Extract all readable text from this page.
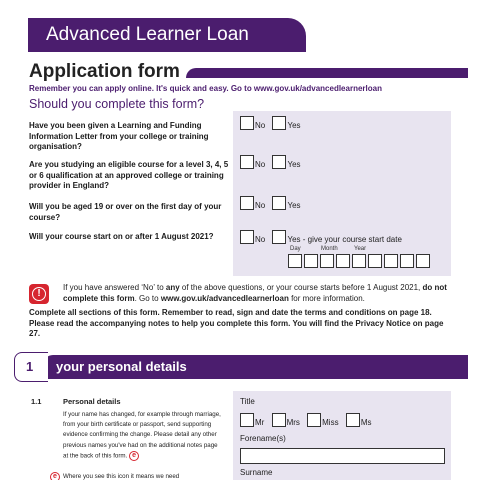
Advanced Learner Loan
Application form
Remember you can apply online. It's quick and easy. Go to www.gov.uk/advancedlearnerloan
Should you complete this form?
Have you been given a Learning and Funding Information Letter from your college or training organisation?
No	Yes
Are you studying an eligible course for a level 3, 4, 5 or 6 qualification at an approved college or training provider in England?
No	Yes
Will you be aged 19 or over on the first day of your course?
No	Yes
Will your course start on or after 1 August 2021?	No	Yes - give your course start date
Day	Month	Year
!
If you have answered ‘No’ to any of the above questions, or your course starts before 1 August 2021, do not complete this form. Go to www.gov.uk/advancedlearnerloan for more information.
Complete all sections of this form. Remember to read, sign and date the terms and conditions on page 18. Please read the accompanying notes to help you complete this form. You will find the Privacy Notice on page 27.
1 your personal details
1.1	Personal details
If your name has changed, for example through marriage, from your birth certificate or passport, send supporting evidence confirming the change. Please detail any other previous names you've had on the additional notes page at the back of this form. e
e Where you see this icon it means we need
Title
Mr	Mrs	Miss	Ms
Forename(s)
Surname
